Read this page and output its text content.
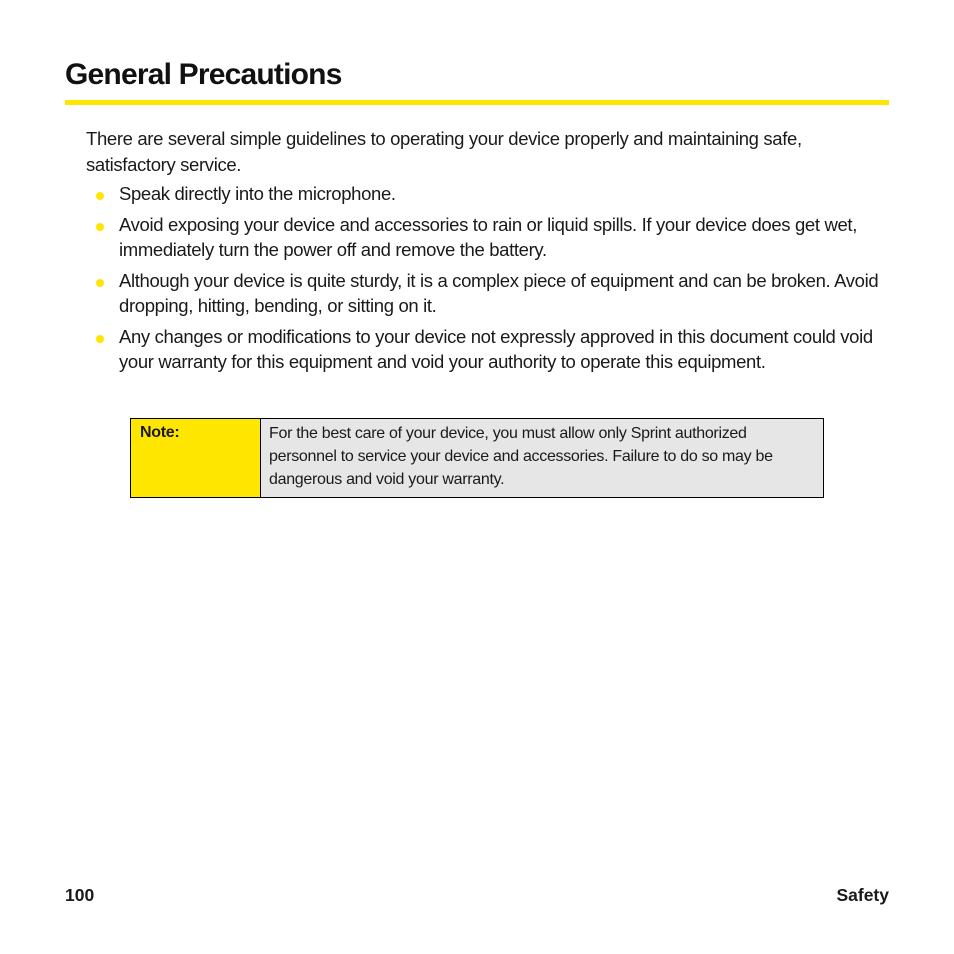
General Precautions

There are several simple guidelines to operating your device properly and maintaining safe, satisfactory service.

Speak directly into the microphone.
Avoid exposing your device and accessories to rain or liquid spills. If your device does get wet, immediately turn the power off and remove the battery.
Although your device is quite sturdy, it is a complex piece of equipment and can be broken. Avoid dropping, hitting, bending, or sitting on it.
Any changes or modifications to your device not expressly approved in this document could void your warranty for this equipment and void your authority to operate this equipment.
Note:	For the best care of your device, you must allow only Sprint authorized personnel to service your device and accessories. Failure to do so may be dangerous and void your warranty.
100	Safety
